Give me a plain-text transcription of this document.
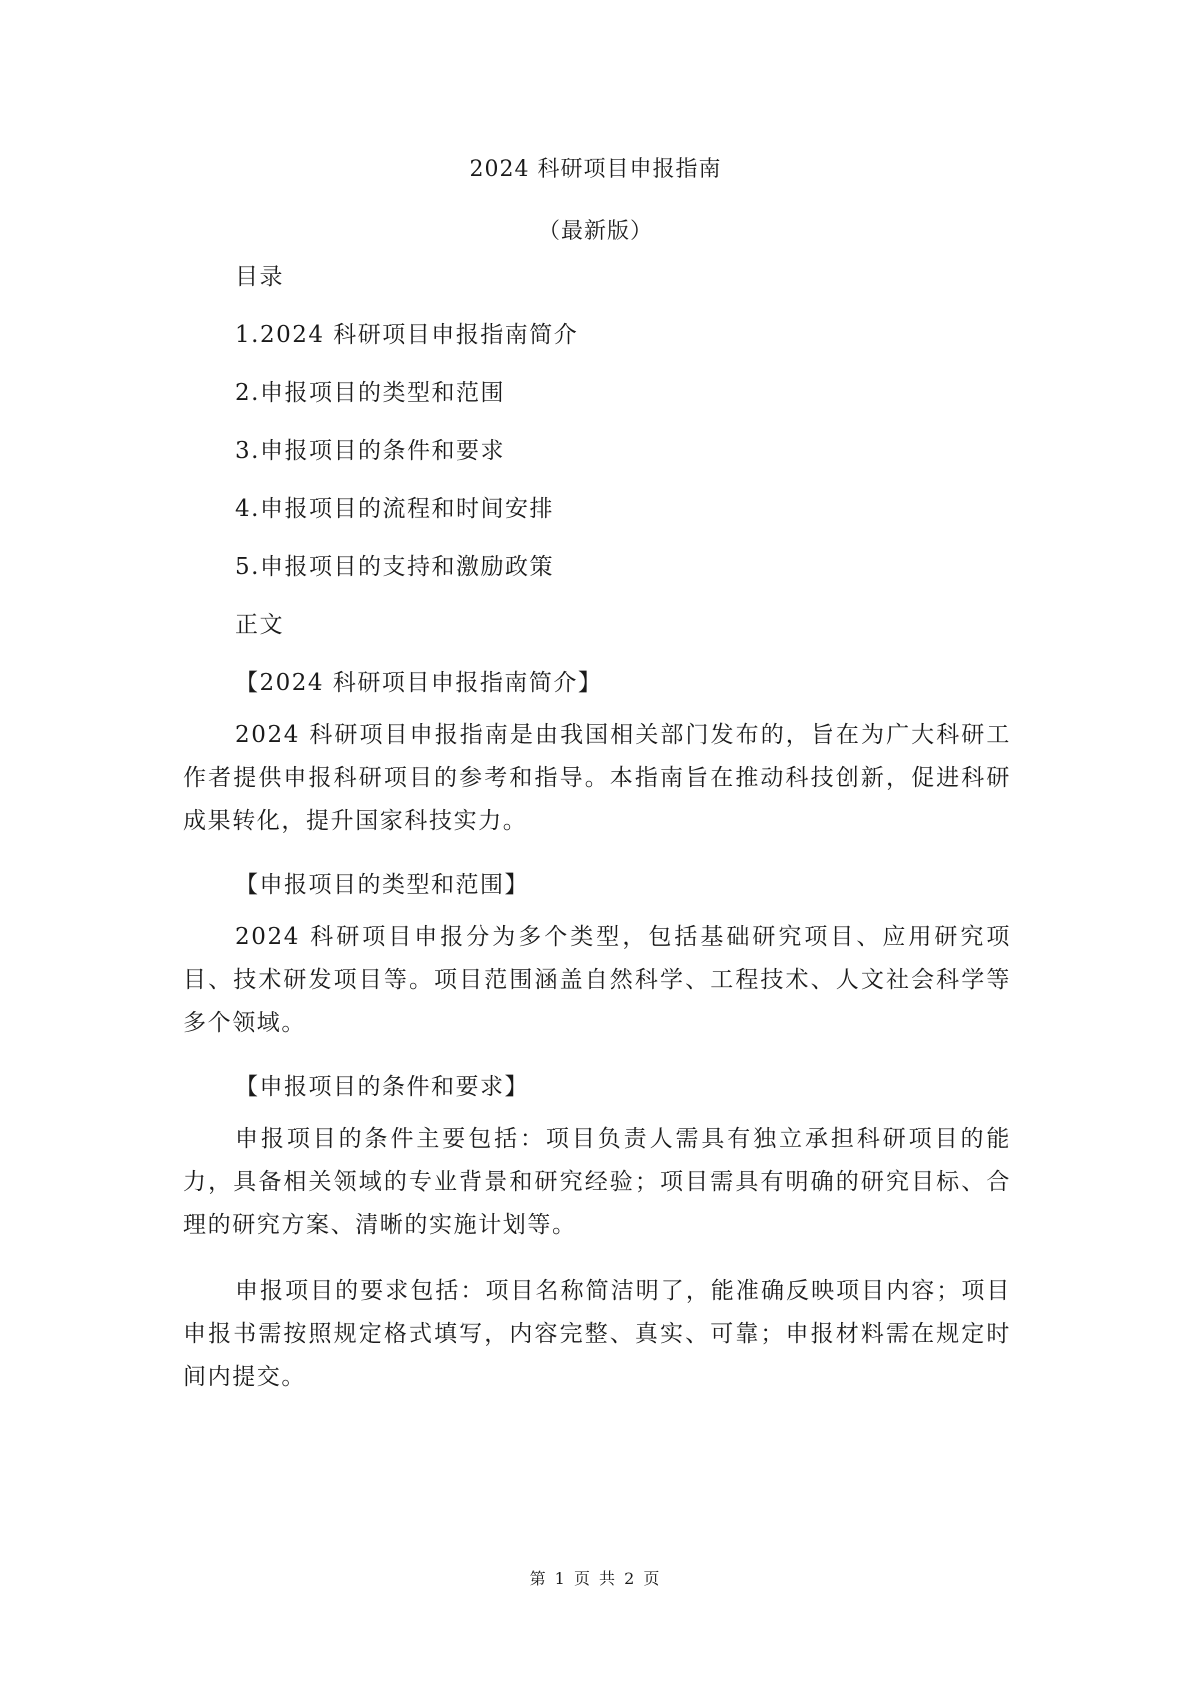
2024 科研项目申报指南
（最新版）
目录
1.2024 科研项目申报指南简介
2.申报项目的类型和范围
3.申报项目的条件和要求
4.申报项目的流程和时间安排
5.申报项目的支持和激励政策
正文
【2024 科研项目申报指南简介】
2024 科研项目申报指南是由我国相关部门发布的，旨在为广大科研工作者提供申报科研项目的参考和指导。本指南旨在推动科技创新，促进科研成果转化，提升国家科技实力。
【申报项目的类型和范围】
2024 科研项目申报分为多个类型，包括基础研究项目、应用研究项目、技术研发项目等。项目范围涵盖自然科学、工程技术、人文社会科学等多个领域。
【申报项目的条件和要求】
申报项目的条件主要包括：项目负责人需具有独立承担科研项目的能力，具备相关领域的专业背景和研究经验；项目需具有明确的研究目标、合理的研究方案、清晰的实施计划等。
申报项目的要求包括：项目名称简洁明了，能准确反映项目内容；项目申报书需按照规定格式填写，内容完整、真实、可靠；申报材料需在规定时间内提交。
第 1 页 共 2 页
